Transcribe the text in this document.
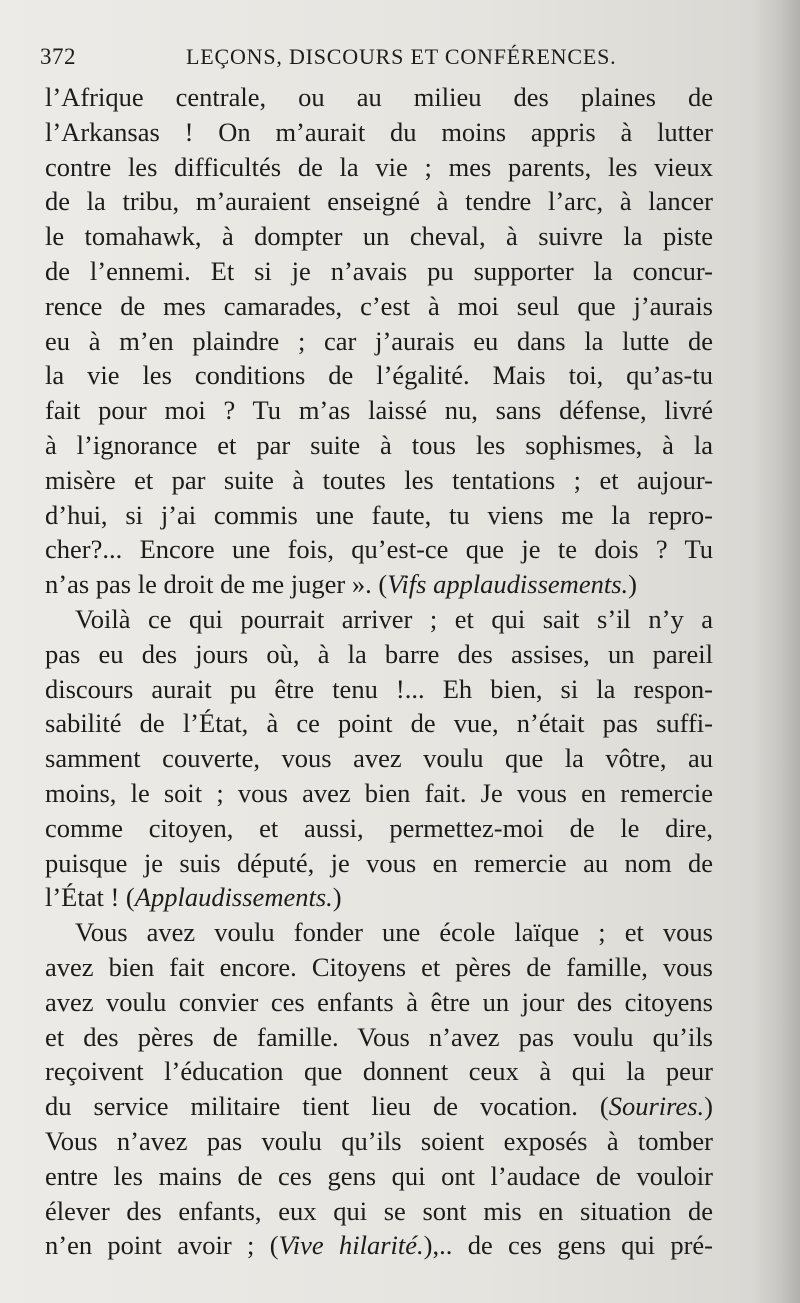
372	LEÇONS, DISCOURS ET CONFÉRENCES.
l’Afrique centrale, ou au milieu des plaines de
l’Arkansas ! On m’aurait du moins appris à lutter
contre les difficultés de la vie ; mes parents, les vieux
de la tribu, m’auraient enseigné à tendre l’arc, à lancer
le tomahawk, à dompter un cheval, à suivre la piste
de l’ennemi. Et si je n’avais pu supporter la concur-
rence de mes camarades, c’est à moi seul que j’aurais
eu à m’en plaindre ; car j’aurais eu dans la lutte de
la vie les conditions de l’égalité. Mais toi, qu’as-tu
fait pour moi ? Tu m’as laissé nu, sans défense, livré
à l’ignorance et par suite à tous les sophismes, à la
misère et par suite à toutes les tentations ; et aujour-
d’hui, si j’ai commis une faute, tu viens me la repro-
cher?... Encore une fois, qu’est-ce que je te dois ? Tu
n’as pas le droit de me juger ». (Vifs applaudissements.)
Voilà ce qui pourrait arriver ; et qui sait s’il n’y a
pas eu des jours où, à la barre des assises, un pareil
discours aurait pu être tenu !... Eh bien, si la respon-
sabilité de l’État, à ce point de vue, n’était pas suffi-
samment couverte, vous avez voulu que la vôtre, au
moins, le soit ; vous avez bien fait. Je vous en remercie
comme citoyen, et aussi, permettez-moi de le dire,
puisque je suis député, je vous en remercie au nom de
l’État ! (Applaudissements.)
Vous avez voulu fonder une école laïque ; et vous
avez bien fait encore. Citoyens et pères de famille, vous
avez voulu convier ces enfants à être un jour des citoyens
et des pères de famille. Vous n’avez pas voulu qu’ils
reçoivent l’éducation que donnent ceux à qui la peur
du service militaire tient lieu de vocation. (Sourires.)
Vous n’avez pas voulu qu’ils soient exposés à tomber
entre les mains de ces gens qui ont l’audace de vouloir
élever des enfants, eux qui se sont mis en situation de
n’en point avoir ; (Vive hilarité.),.. de ces gens qui pré-
